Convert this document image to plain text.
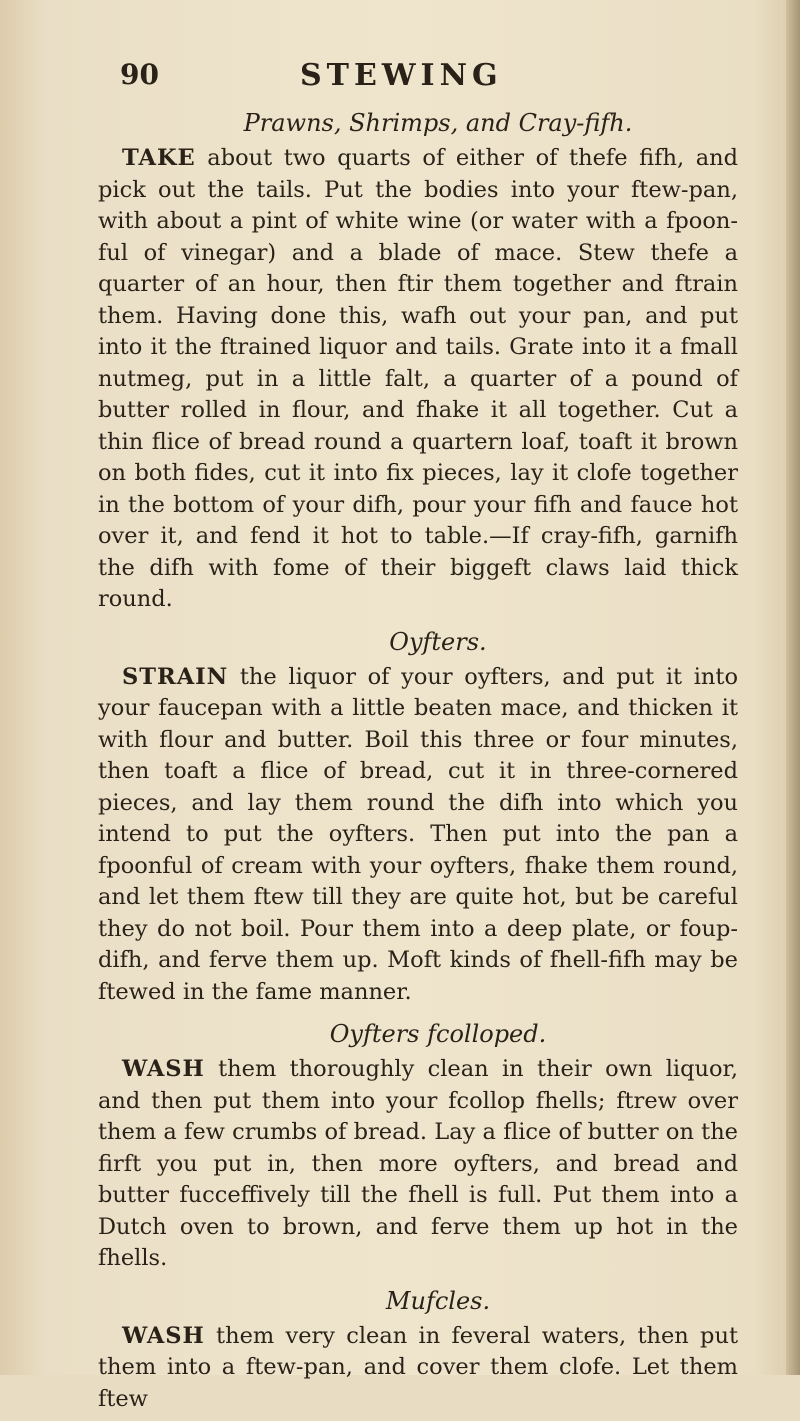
90	STEWING

Prawns, Shrimps, and Cray-fifh.

TAKE about two quarts of either of thefe fifh, and pick out the tails. Put the bodies into your ftew-pan, with about a pint of white wine (or water with a fpoon-ful of vinegar) and a blade of mace. Stew thefe a quarter of an hour, then ftir them together and ftrain them. Having done this, wafh out your pan, and put into it the ftrained liquor and tails. Grate into it a fmall nutmeg, put in a little falt, a quarter of a pound of butter rolled in flour, and fhake it all together. Cut a thin flice of bread round a quartern loaf, toaft it brown on both fides, cut it into fix pieces, lay it clofe together in the bottom of your difh, pour your fifh and fauce hot over it, and fend it hot to table.—If cray-fifh, garnifh the difh with fome of their biggeft claws laid thick round.

Oyfters.

STRAIN the liquor of your oyfters, and put it into your faucepan with a little beaten mace, and thicken it with flour and butter. Boil this three or four minutes, then toaft a flice of bread, cut it in three-cornered pieces, and lay them round the difh into which you intend to put the oyfters. Then put into the pan a fpoonful of cream with your oyfters, fhake them round, and let them ftew till they are quite hot, but be careful they do not boil. Pour them into a deep plate, or foup-difh, and ferve them up. Moft kinds of fhell-fifh may be ftewed in the fame manner.

Oyfters fcolloped.

WASH them thoroughly clean in their own liquor, and then put them into your fcollop fhells; ftrew over them a few crumbs of bread. Lay a flice of butter on the firft you put in, then more oyfters, and bread and butter fucceffively till the fhell is full. Put them into a Dutch oven to brown, and ferve them up hot in the fhells.

Mufcles.

WASH them very clean in feveral waters, then put them into a ftew-pan, and cover them clofe. Let them ftew
